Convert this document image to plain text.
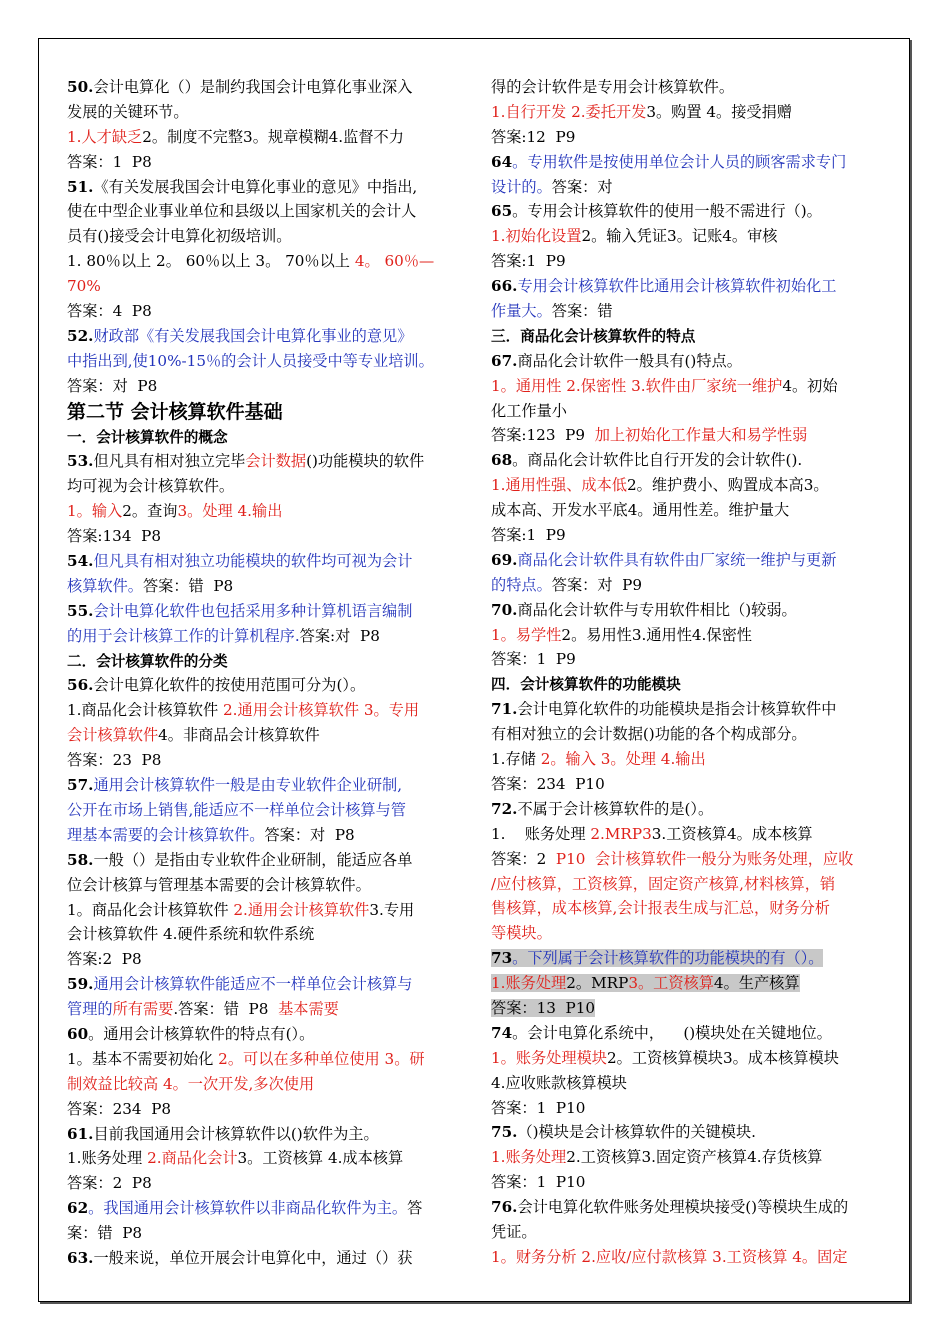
50.会计电算化（）是制约我国会计电算化事业深入
发展的关键环节。
1.人才缺乏2。制度不完整3。规章模糊4.监督不力
答案：1  P8
51.《有关发展我国会计电算化事业的意见》中指出,
使在中型企业事业单位和县级以上国家机关的会计人
员有()接受会计电算化初级培训。
1. 80％以上 2。 60％以上 3。 70％以上 4。 60％—
70%
答案：4  P8
52.财政部《有关发展我国会计电算化事业的意见》
中指出到,使10%-15％的会计人员接受中等专业培训。
答案：对  P8
第二节 会计核算软件基础
一．会计核算软件的概念
53.但凡具有相对独立完毕会计数据()功能模块的软件
均可视为会计核算软件。
1。输入2。查询3。处理 4.输出
答案:134  P8
54.但凡具有相对独立功能模块的软件均可视为会计
核算软件。答案：错  P8
55.会计电算化软件也包括采用多种计算机语言编制
的用于会计核算工作的计算机程序.答案:对  P8
二．会计核算软件的分类
56.会计电算化软件的按使用范围可分为(）。
1.商品化会计核算软件 2.通用会计核算软件 3。专用
会计核算软件4。非商品会计核算软件
答案：23  P8
57.通用会计核算软件一般是由专业软件企业研制,
公开在市场上销售,能适应不一样单位会计核算与管
理基本需要的会计核算软件。答案：对  P8
58.一般（）是指由专业软件企业研制，能适应各单
位会计核算与管理基本需要的会计核算软件。
1。商品化会计核算软件 2.通用会计核算软件3.专用
会计核算软件 4.硬件系统和软件系统
答案:2  P8
59.通用会计核算软件能适应不一样单位会计核算与
管理的所有需要.答案：错  P8  基本需要
60。通用会计核算软件的特点有(）。
1。基本不需要初始化 2。可以在多种单位使用 3。研
制效益比较高 4。一次开发,多次使用
答案：234  P8
61.目前我国通用会计核算软件以()软件为主。
1.账务处理 2.商品化会计3。工资核算 4.成本核算
答案：2  P8
62。我国通用会计核算软件以非商品化软件为主。答
案：错  P8
63.一般来说，单位开展会计电算化中，通过（）获
得的会计软件是专用会计核算软件。
1.自行开发 2.委托开发3。购置 4。接受捐赠
答案:12  P9
64。专用软件是按使用单位会计人员的顾客需求专门
设计的。答案：对
65。专用会计核算软件的使用一般不需进行（)。
1.初始化设置2。输入凭证3。记账4。审核
答案:1  P9
66.专用会计核算软件比通用会计核算软件初始化工
作量大。答案：错
三．商品化会计核算软件的特点
67.商品化会计软件一般具有()特点。
1。通用性 2.保密性 3.软件由厂家统一维护4。初始
化工作量小
答案:123  P9  加上初始化工作量大和易学性弱
68。商品化会计软件比自行开发的会计软件().
1.通用性强、成本低2。维护费小、购置成本高3。
成本高、开发水平底4。通用性差。维护量大
答案:1  P9
69.商品化会计软件具有软件由厂家统一维护与更新
的特点。答案：对  P9
70.商品化会计软件与专用软件相比（)较弱。
1。易学性2。易用性3.通用性4.保密性
答案：1  P9
四．会计核算软件的功能模块
71.会计电算化软件的功能模块是指会计核算软件中
有相对独立的会计数据()功能的各个构成部分。
1.存储 2。输入 3。处理 4.输出
答案：234  P10
72.不属于会计核算软件的是(）。
1.    账务处理 2.MRP33.工资核算4。成本核算
答案：2  P10  会计核算软件一般分为账务处理，应收
/应付核算，工资核算，固定资产核算,材料核算，销
售核算，成本核算,会计报表生成与汇总，财务分析
等模块。
73。下列属于会计核算软件的功能模块的有（）。
1.账务处理2。MRP3。工资核算4。生产核算
答案：13  P10
74。会计电算化系统中，    ()模块处在关键地位。
1。账务处理模块2。工资核算模块3。成本核算模块
4.应收账款核算模块
答案：1  P10
75.（)模块是会计核算软件的关键模块.
1.账务处理2.工资核算3.固定资产核算4.存货核算
答案：1  P10
76.会计电算化软件账务处理模块接受()等模块生成的
凭证。
1。财务分析 2.应收/应付款核算 3.工资核算 4。固定
